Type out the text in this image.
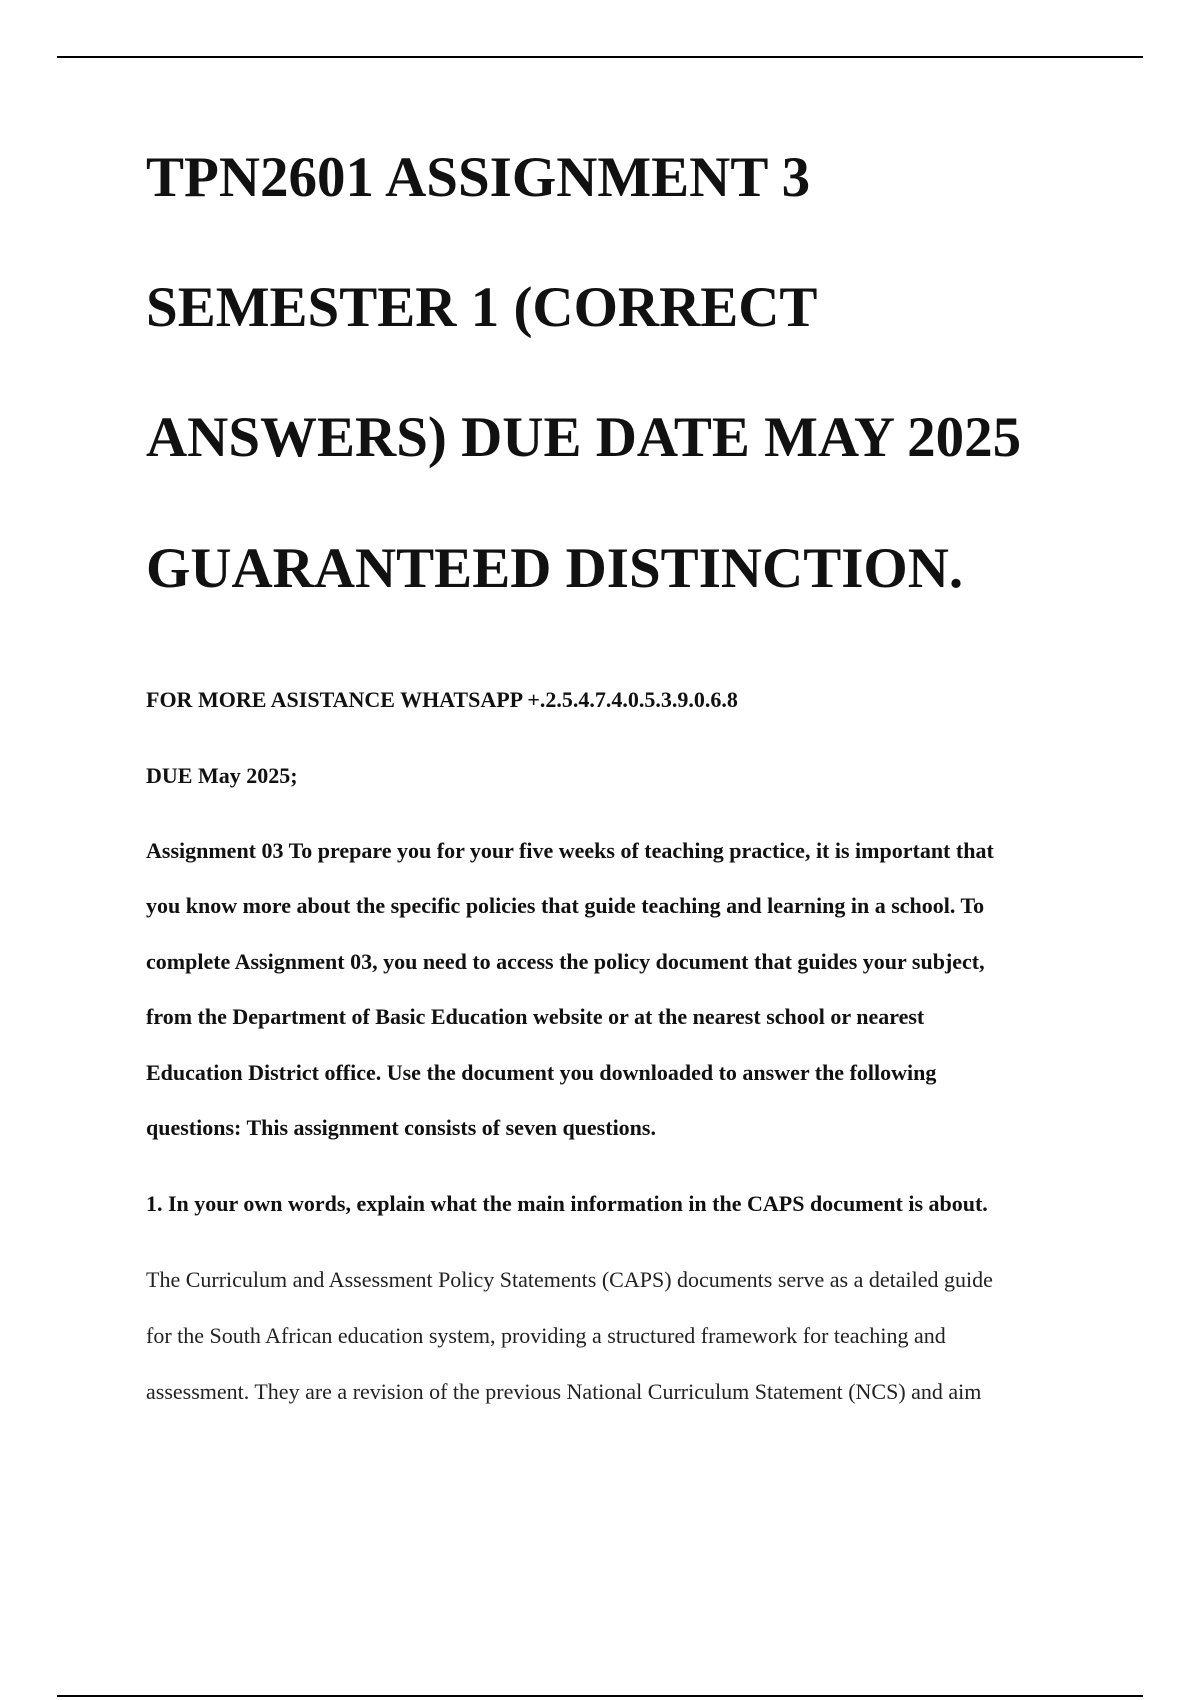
TPN2601 ASSIGNMENT 3
SEMESTER 1 (CORRECT
ANSWERS) DUE DATE MAY 2025
GUARANTEED DISTINCTION.

FOR MORE ASISTANCE WHATSAPP +.2.5.4.7.4.0.5.3.9.0.6.8

DUE May 2025;

Assignment 03 To prepare you for your five weeks of teaching practice, it is important that

you know more about the specific policies that guide teaching and learning in a school. To

complete Assignment 03, you need to access the policy document that guides your subject,

from the Department of Basic Education website or at the nearest school or nearest

Education District office. Use the document you downloaded to answer the following

questions: This assignment consists of seven questions.

1. In your own words, explain what the main information in the CAPS document is about.

The Curriculum and Assessment Policy Statements (CAPS) documents serve as a detailed guide

for the South African education system, providing a structured framework for teaching and

assessment. They are a revision of the previous National Curriculum Statement (NCS) and aim
